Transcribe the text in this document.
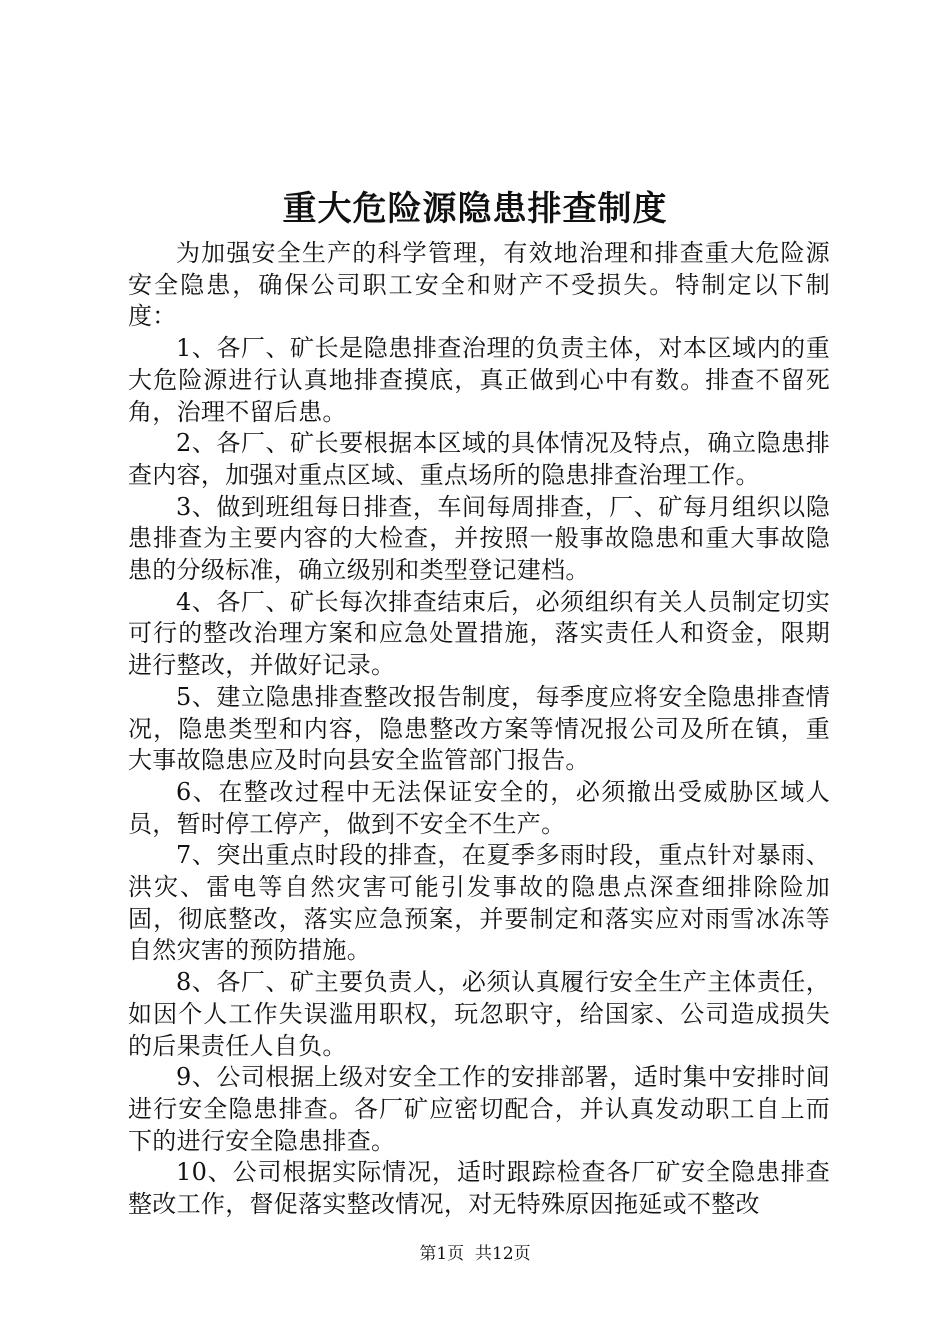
重大危险源隐患排查制度

为加强安全生产的科学管理，有效地治理和排查重大危险源安全隐患，确保公司职工安全和财产不受损失。特制定以下制度：

1、各厂、矿长是隐患排查治理的负责主体，对本区域内的重大危险源进行认真地排查摸底，真正做到心中有数。排查不留死角，治理不留后患。

2、各厂、矿长要根据本区域的具体情况及特点，确立隐患排查内容，加强对重点区域、重点场所的隐患排查治理工作。

3、做到班组每日排查，车间每周排查，厂、矿每月组织以隐患排查为主要内容的大检查，并按照一般事故隐患和重大事故隐患的分级标准，确立级别和类型登记建档。

4、各厂、矿长每次排查结束后，必须组织有关人员制定切实可行的整改治理方案和应急处置措施，落实责任人和资金，限期进行整改，并做好记录。

5、建立隐患排查整改报告制度，每季度应将安全隐患排查情况，隐患类型和内容，隐患整改方案等情况报公司及所在镇，重大事故隐患应及时向县安全监管部门报告。

6、在整改过程中无法保证安全的，必须撤出受威胁区域人员，暂时停工停产，做到不安全不生产。

7、突出重点时段的排查，在夏季多雨时段，重点针对暴雨、洪灾、雷电等自然灾害可能引发事故的隐患点深查细排除险加固，彻底整改，落实应急预案，并要制定和落实应对雨雪冰冻等自然灾害的预防措施。

8、各厂、矿主要负责人，必须认真履行安全生产主体责任，如因个人工作失误滥用职权，玩忽职守，给国家、公司造成损失的后果责任人自负。

9、公司根据上级对安全工作的安排部署，适时集中安排时间进行安全隐患排查。各厂矿应密切配合，并认真发动职工自上而下的进行安全隐患排查。

10、公司根据实际情况，适时跟踪检查各厂矿安全隐患排查整改工作，督促落实整改情况，对无特殊原因拖延或不整改

第1页 共12页
